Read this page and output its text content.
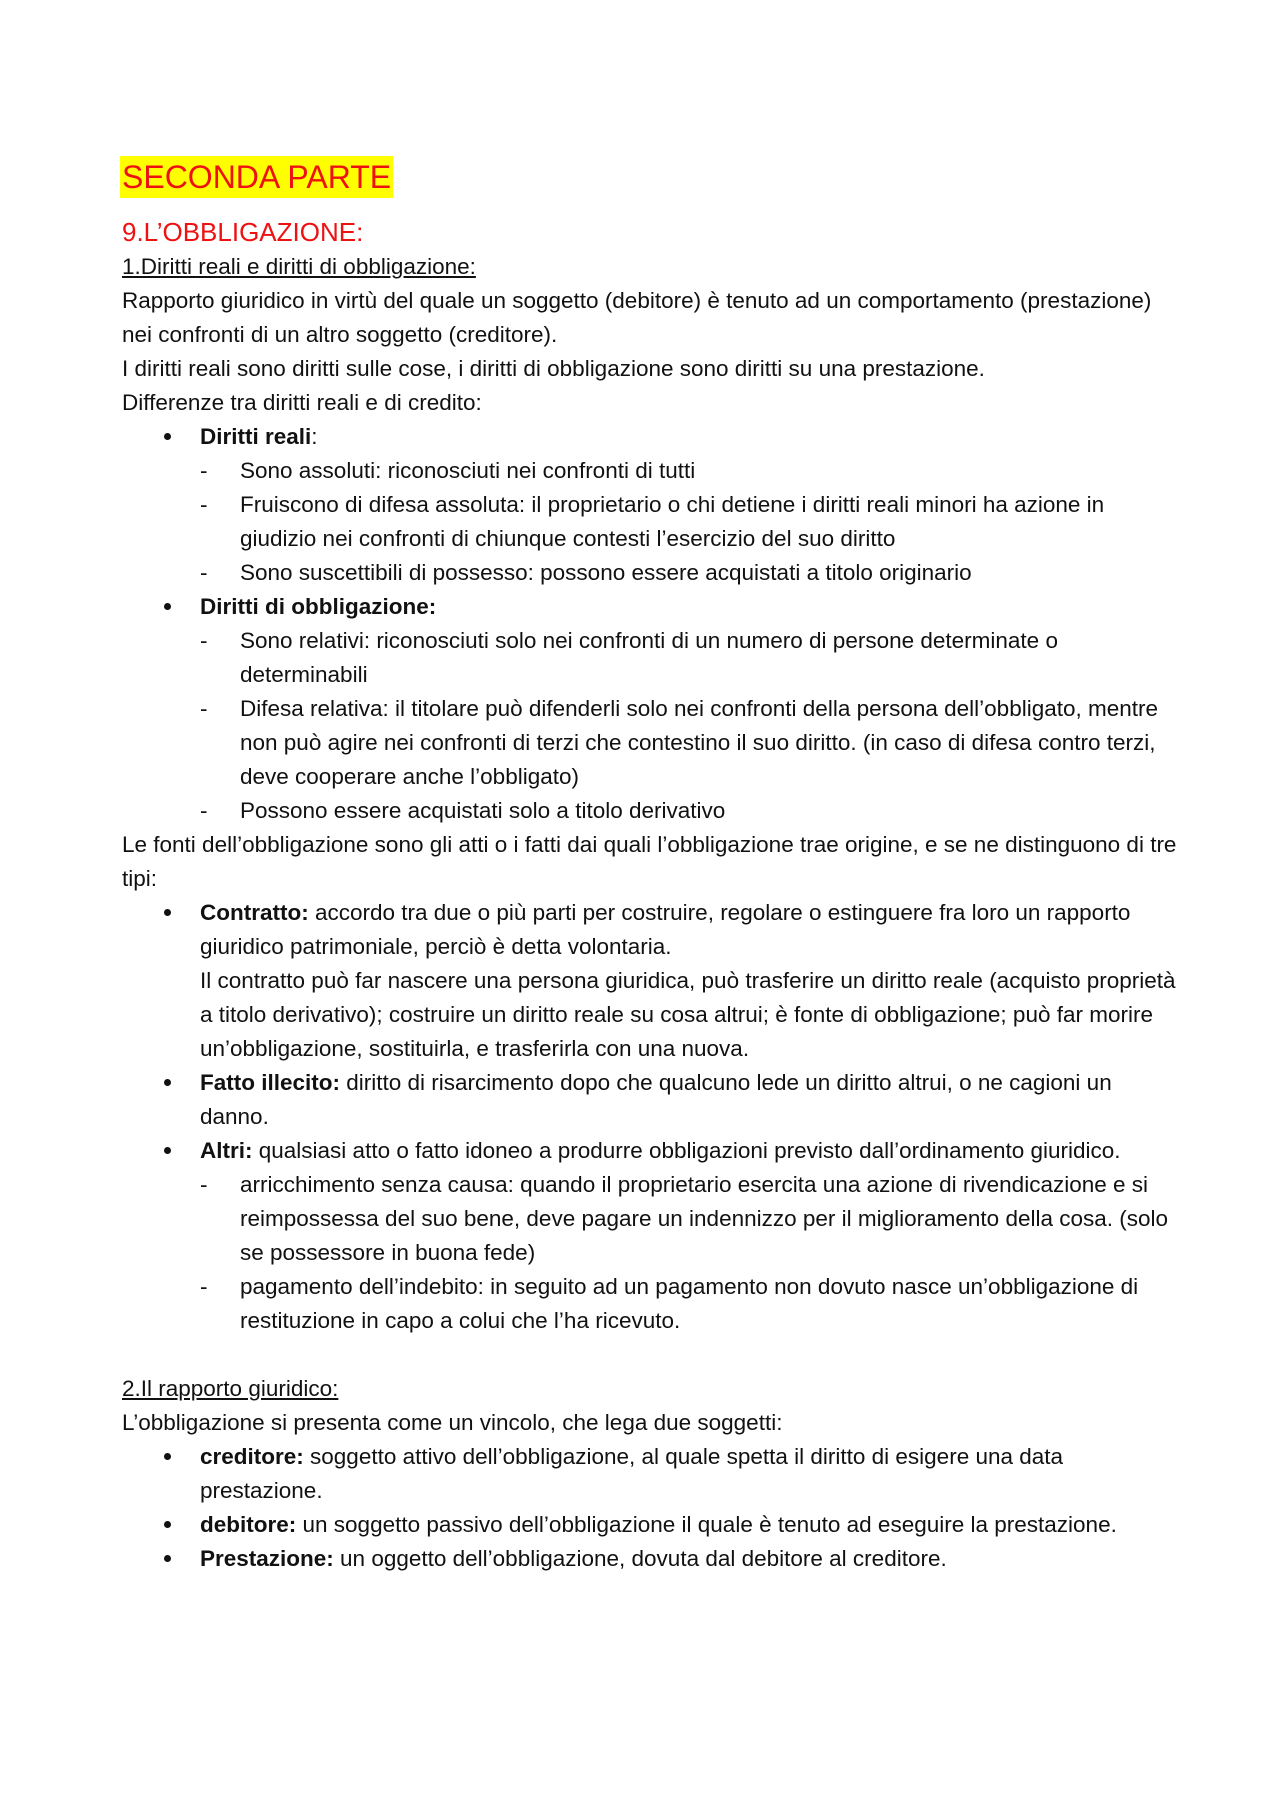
SECONDA PARTE
9.L’OBBLIGAZIONE:

1.Diritti reali e diritti di obbligazione:

Rapporto giuridico in virtù del quale un soggetto (debitore) è tenuto ad un comportamento (prestazione) nei confronti di un altro soggetto (creditore).

I diritti reali sono diritti sulle cose, i diritti di obbligazione sono diritti su una prestazione.

Differenze tra diritti reali e di credito:

Diritti reali:
- Sono assoluti: riconosciuti nei confronti di tutti
- Fruiscono di difesa assoluta: il proprietario o chi detiene i diritti reali minori ha azione in giudizio nei confronti di chiunque contesti l’esercizio del suo diritto
- Sono suscettibili di possesso: possono essere acquistati a titolo originario
Diritti di obbligazione:
- Sono relativi: riconosciuti solo nei confronti di un numero di persone determinate o determinabili
- Difesa relativa: il titolare può difenderli solo nei confronti della persona dell’obbligato, mentre non può agire nei confronti di terzi che contestino il suo diritto. (in caso di difesa contro terzi, deve cooperare anche l’obbligato)
- Possono essere acquistati solo a titolo derivativo

Le fonti dell’obbligazione sono gli atti o i fatti dai quali l’obbligazione trae origine, e se ne distinguono di tre tipi:

Contratto: accordo tra due o più parti per costruire, regolare o estinguere fra loro un rapporto giuridico patrimoniale, perciò è detta volontaria.
Il contratto può far nascere una persona giuridica, può trasferire un diritto reale (acquisto proprietà a titolo derivativo); costruire un diritto reale su cosa altrui; è fonte di obbligazione; può far morire un’obbligazione, sostituirla, e trasferirla con una nuova.
Fatto illecito: diritto di risarcimento dopo che qualcuno lede un diritto altrui, o ne cagioni un danno.
Altri: qualsiasi atto o fatto idoneo a produrre obbligazioni previsto dall’ordinamento giuridico.
- arricchimento senza causa: quando il proprietario esercita una azione di rivendicazione e si reimpossessa del suo bene, deve pagare un indennizzo per il miglioramento della cosa. (solo se possessore in buona fede)
- pagamento dell’indebito: in seguito ad un pagamento non dovuto nasce un’obbligazione di restituzione in capo a colui che l’ha ricevuto.

2.Il rapporto giuridico:

L’obbligazione si presenta come un vincolo, che lega due soggetti:

creditore: soggetto attivo dell’obbligazione, al quale spetta il diritto di esigere una data prestazione.
debitore: un soggetto passivo dell’obbligazione il quale è tenuto ad eseguire la prestazione.
Prestazione: un oggetto dell’obbligazione, dovuta dal debitore al creditore.
